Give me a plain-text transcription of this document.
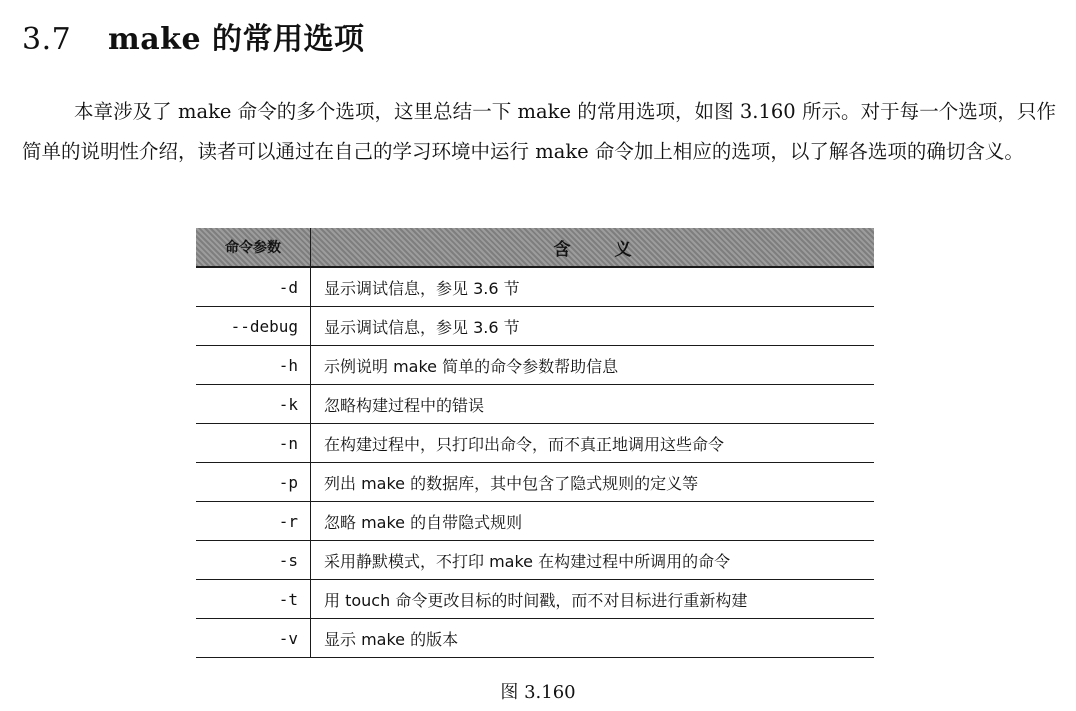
3.7 make 的常用选项

本章涉及了 make 命令的多个选项，这里总结一下 make 的常用选项，如图 3.160 所示。对于每一个选项，只作简单的说明性介绍，读者可以通过在自己的学习环境中运行 make 命令加上相应的选项，以了解各选项的确切含义。

命令参数	含义
-d	显示调试信息，参见 3.6 节
--debug	显示调试信息，参见 3.6 节
-h	示例说明 make 简单的命令参数帮助信息
-k	忽略构建过程中的错误
-n	在构建过程中，只打印出命令，而不真正地调用这些命令
-p	列出 make 的数据库，其中包含了隐式规则的定义等
-r	忽略 make 的自带隐式规则
-s	采用静默模式，不打印 make 在构建过程中所调用的命令
-t	用 touch 命令更改目标的时间戳，而不对目标进行重新构建
-v	显示 make 的版本
图 3.160
